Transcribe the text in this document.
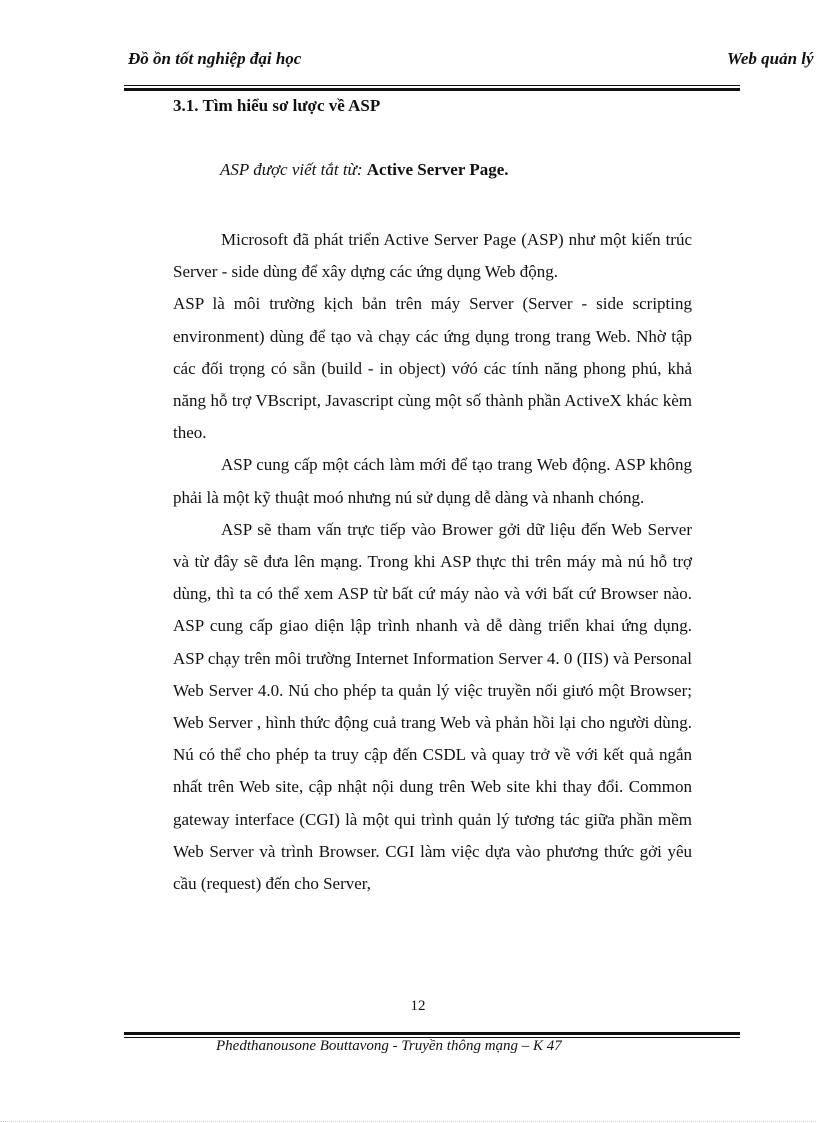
Đồ ồn tốt nghiệp đại học	Web quản lý
3.1. Tìm hiểu sơ lược về ASP
ASP được viết tắt từ: Active Server Page.

Microsoft đã phát triển Active Server Page (ASP) như một kiến trúc Server - side dùng để xây dựng các ứng dụng Web động.

ASP là môi trường kịch bản trên máy Server (Server - side scripting environment) dùng để tạo và chạy các ứng dụng trong trang Web. Nhờ tập các đối trọng có sẵn (build - in object) vớó các tính năng phong phú, khả năng hỗ trợ VBscript, Javascript cùng một số thành phần ActiveX khác kèm theo.

ASP cung cấp một cách làm mới để tạo trang Web động. ASP không phải là một kỹ thuật moó nhưng nú sử dụng dễ dàng và nhanh chóng.

ASP sẽ tham vấn trực tiếp vào Brower gởi dữ liệu đến Web Server và từ đây sẽ đưa lên mạng. Trong khi ASP thực thi trên máy mà nú hỗ trợ dùng, thì ta có thể xem ASP từ bất cứ máy nào và với bất cứ Browser nào. ASP cung cấp giao diện lập trình nhanh và dễ dàng triển khai ứng dụng. ASP chạy trên môi trường Internet Information Server 4. 0 (IIS) và Personal Web Server 4.0. Nú cho phép ta quản lý việc truyền nối giưó một Browser; Web Server , hình thức động cuả trang Web và phản hồi lại cho người dùng. Nú có thể cho phép ta truy cập đến CSDL và quay trở về với kết quả ngắn nhất trên Web site, cập nhật nội dung trên Web site khi thay đổi. Common gateway interface (CGI) là một qui trình quản lý tương tác giữa phần mềm Web Server và trình Browser. CGI làm việc dựa vào phương thức gởi yêu cầu (request) đến cho Server,

12
Phedthanousone Bouttavong - Truyền thông mạng – K 47
